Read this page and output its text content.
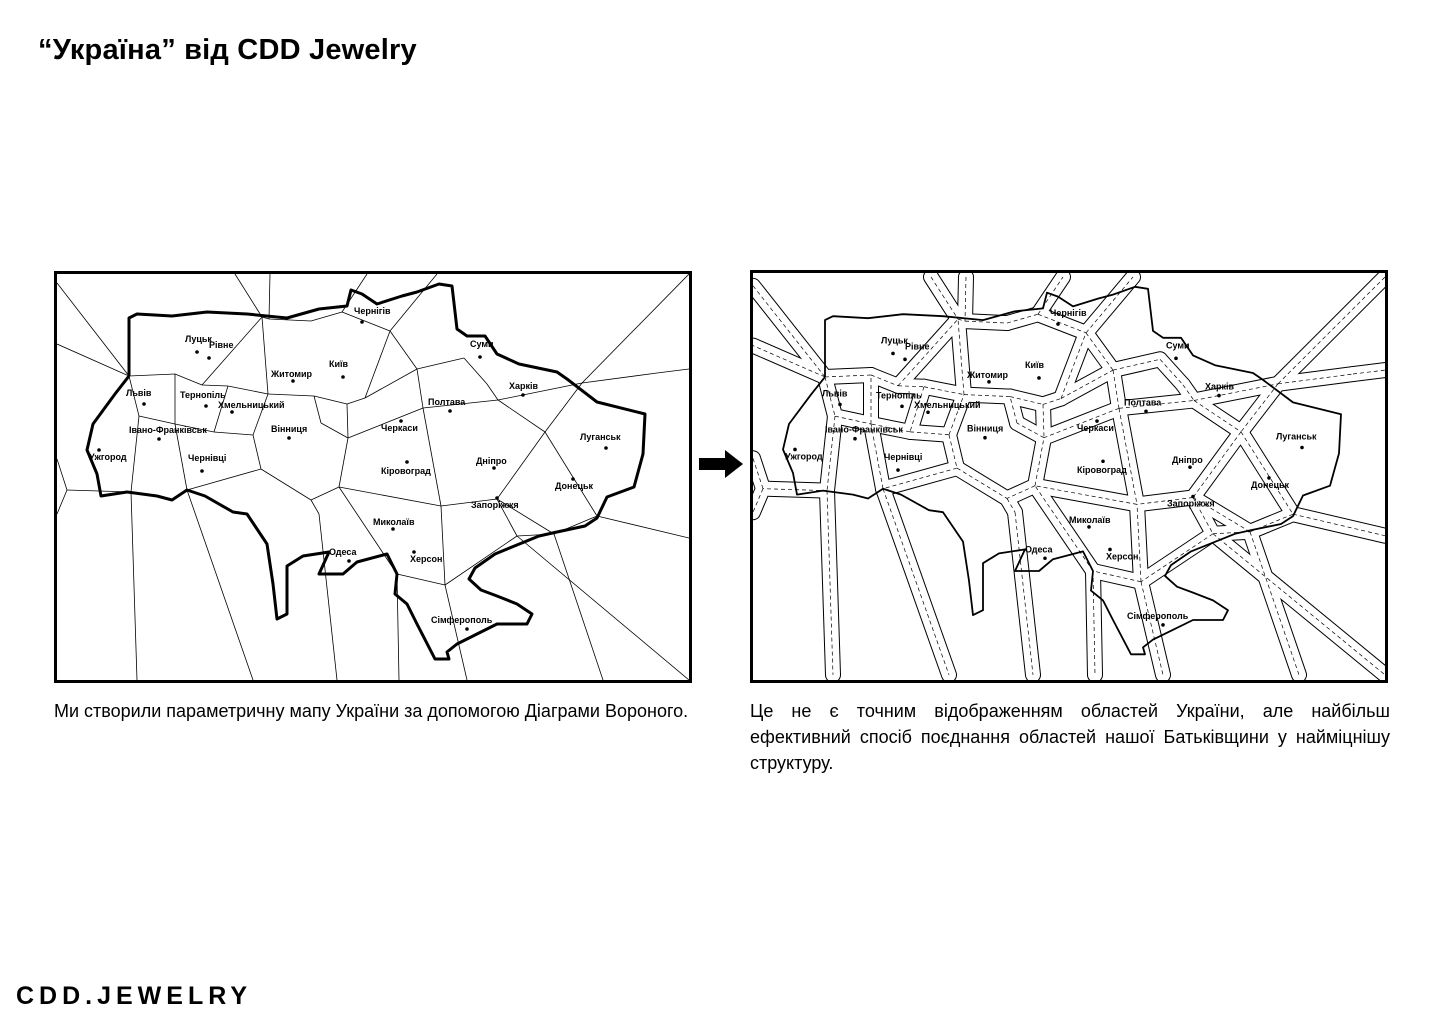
“Україна” від CDD Jewelry
Чернігів
Луцьк
Рівне	Суми
Київ
Житомир
Львів	Тернопіль
Хмельницький
Харків
Полтава
Черкаси
Івано-Франківськ	Вінниця
Луганськ
Ужгород	Чернівці
Кіровоград
Дніпро
Донецьк
Запоріжжя
Миколаїв
Одеса
Херсон
Сімферополь
Чернігів
Луцьк
Рівне	Суми
Київ
Житомир
Львів	Тернопіль
Хмельницький
Харків
Полтава
Черкаси
Івано-Франківськ	Вінниця
Луганськ
Ужгород	Чернівці
Кіровоград
Дніпро
Донецьк
Запоріжжя
Миколаїв
Одеса
Херсон
Сімферополь
Ми створили параметричну мапу України за допомогою Діаграми Вороного.	Це не є точним відображенням областей України, але найбільш ефективний спосіб поєднання областей нашої Батьківщини у наймiцнішу структуру.
CDD.JEWELRY
